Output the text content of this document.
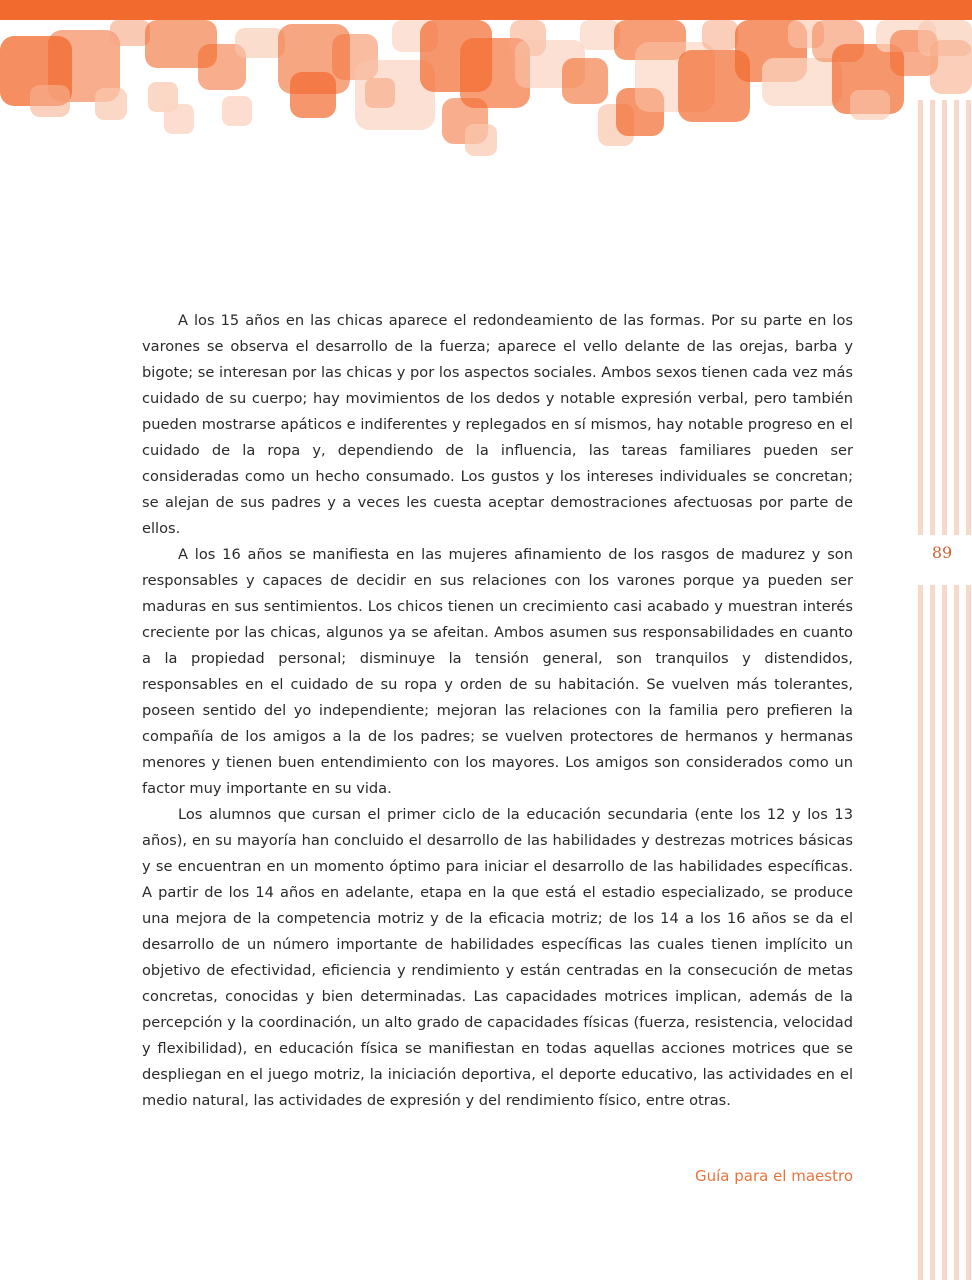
89

A los 15 años en las chicas aparece el redondeamiento de las formas. Por su parte en los varones se observa el desarrollo de la fuerza; aparece el vello delante de las orejas, barba y bigote; se interesan por las chicas y por los aspectos sociales. Ambos sexos tienen cada vez más cuidado de su cuerpo; hay movimientos de los dedos y notable expresión verbal, pero también pueden mostrarse apáticos e indiferentes y replegados en sí mismos, hay notable progreso en el cuidado de la ropa y, dependiendo de la influencia, las tareas familiares pueden ser consideradas como un hecho consumado. Los gustos y los intereses individuales se concretan; se alejan de sus padres y a veces les cuesta aceptar demostraciones afectuosas por parte de ellos.

A los 16 años se manifiesta en las mujeres afinamiento de los rasgos de madurez y son responsables y capaces de decidir en sus relaciones con los varones porque ya pueden ser maduras en sus sentimientos. Los chicos tienen un crecimiento casi acabado y muestran interés creciente por las chicas, algunos ya se afeitan. Ambos asumen sus responsabilidades en cuanto a la propiedad personal; disminuye la tensión general, son tranquilos y distendidos, responsables en el cuidado de su ropa y orden de su habitación. Se vuelven más tolerantes, poseen sentido del yo independiente; mejoran las relaciones con la familia pero prefieren la compañía de los amigos a la de los padres; se vuelven protectores de hermanos y hermanas menores y tienen buen entendimiento con los mayores. Los amigos son considerados como un factor muy importante en su vida.

Los alumnos que cursan el primer ciclo de la educación secundaria (ente los 12 y los 13 años), en su mayoría han concluido el desarrollo de las habilidades y destrezas motrices básicas y se encuentran en un momento óptimo para iniciar el desarrollo de las habilidades específicas. A partir de los 14 años en adelante, etapa en la que está el estadio especializado, se produce una mejora de la competencia motriz y de la eficacia motriz; de los 14 a los 16 años se da el desarrollo de un número importante de habilidades específicas las cuales tienen implícito un objetivo de efectividad, eficiencia y rendimiento y están centradas en la consecución de metas concretas, conocidas y bien determinadas. Las capacidades motrices implican, además de la percepción y la coordinación, un alto grado de capacidades físicas (fuerza, resistencia, velocidad y flexibilidad), en educación física se manifiestan en todas aquellas acciones motrices que se despliegan en el juego motriz, la iniciación deportiva, el deporte educativo, las actividades en el medio natural, las actividades de expresión y del rendimiento físico, entre otras.

Guía para el maestro
